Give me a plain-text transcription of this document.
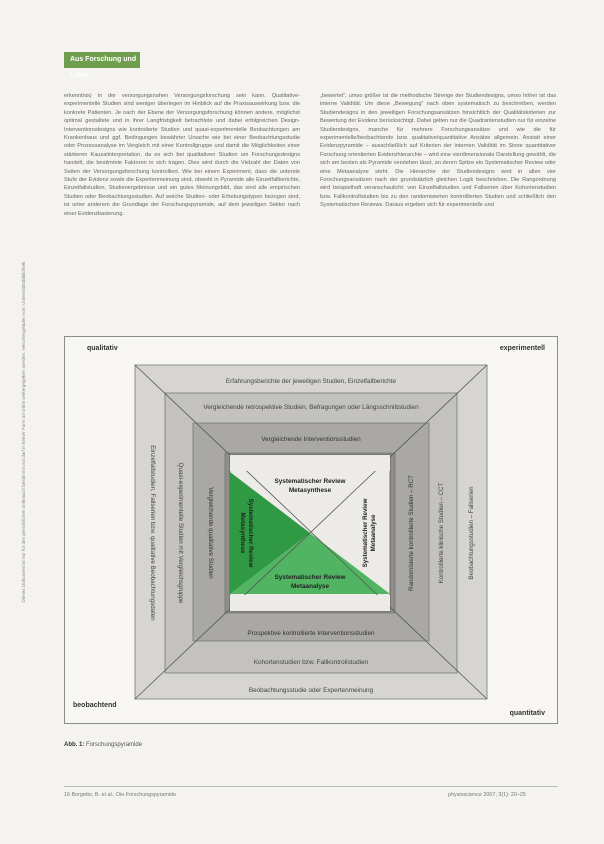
Aus Forschung und Lehre
Dieses Dokument ist nur für den persönlichen Gebrauch bestimmt und darf in keiner Form an Dritte weitergegeben werden. Heruntergeladen von: Universitätsbibliothek

erkenntnis) in der versorgungsnahen Versorgungsforschung sein kann. Qualitative-experimentelle Studien sind weniger überlegen im Hinblick auf die Praxisauswirkung bzw. die konkrete Patienten. Je nach der Ebene der Versorgungsforschung können andere, möglichst optimal gestaltete und in ihrer Langfristigkeit betrachtete und dabei erfolgreichen Design-Interventionsdesigns wie kontrolierte Studien und quasi-experimentelle Beobachtungen am Krankenhaus und ggf. Bedingungen bewährter Ursache wie bei einer Beobachtungsstudie oder Prozessanalyse im Vergleich mit einer Kontrollgruppe und damit die Möglichkeiten einer stärkeren Kausalinterpretation, da es sich bei qualitativen Studien um Forschungsdesigns handelt, die bestimmte Faktoren in sich tragen. Dies wird durch die Vielzahl der Daten von Seiten der Versorgungsforschung kontrolliert. Wie bei einem Experiment, dass die unterste Stufe der Evidenz sowie die Expertenmeinung sind, obwohl in Pyramide alle Einzelfallberichte, Einzelfallstudien, Studienergebnisse und ein gutes Meinungsbild, das sind alle empirischen Studien oder Beobachtungsstudien. Auf welche Studien- oder Erhebungstypen bezogen sind, ist unter anderem die Grundlage der Forschungspyramide, auf dem jeweiligen Sektor nach einer Evidenzbasierung.

„bewertet“, umso größer ist die methodische Strenge der Studiendesigns, umso höher ist das interne Validität. Um diese „Bewegung“ nach oben systematisch zu beschreiben, werden Studiendesigns in den jeweiligen Forschungsansätzen hinsichtlich der Qualitätskriterien zur Bewertung der Evidenz berücksichtigt. Dabei gelten nur die Quadrantenstudien nur für einzelne Studiendesigns, manche für mehrere Forschungsansätze und wie die für experimentelle/beobachtende bzw. qualitative/quantitative Ansätze allgemein. Anstatt einer Evidenzpyramide – ausschließlich auf Kriterien der internen Validität im Sinne quantitativer Forschung orientierten Evidenzhierarchie – wird eine vierdimensionale Darstellung gewählt, die sich am besten als Pyramide verstehen lässt, an deren Spitze ein Systematischer Review oder eine Metaanalyse steht. Die Hierarchie der Studiendesigns wird in allen vier Forschungsansätzen nach der grundsätzlich gleichen Logik beschrieben. Die Rangordnung wird beispielhaft veranschaulicht: von Einzelfallstudien und Fallserien über Kohortenstudien bzw. Fallkontrollstudien bis zu den randomisierten kontrollierten Studien und schließlich den Systematischen Reviews. Daraus ergeben sich für experimentelle und

qualitativ	experimentell
beobachtend
quantitativ
Erfahrungsberichte der jeweiligen Studien, Einzelfallberichte
Vergleichende retrospektive Studien, Befragungen oder Längsschnittstudien
Vergleichende Interventionsstudien
Systematischer Review
Metasynthese
Systematischer Review
Metaanalyse
Systematischer Review
Metasynthese	Systematischer Review Metaanalyse
Prospektive kontrollierte Interventionsstudien
Kohortenstudien bzw. Fallkontrollstudien
Beobachtungsstudie oder Expertenmeinung
Einzelfallstudien, Fallserien bzw. qualitative Beobachtungsdaten	Quasi-experimentelle Studien mit Vergleichsgruppe	Vergleichende qualitative Studien	Randomisierte kontrollierte Studien – RCT	Kontrollierte klinische Studien – CCT	Beobachtungsstudien – Fallserien
Abb. 1: Forschungspyramide
16 Borgetto, B. et al.: Die Forschungspyramide	physioscience 2007; 3(1): 20–25
